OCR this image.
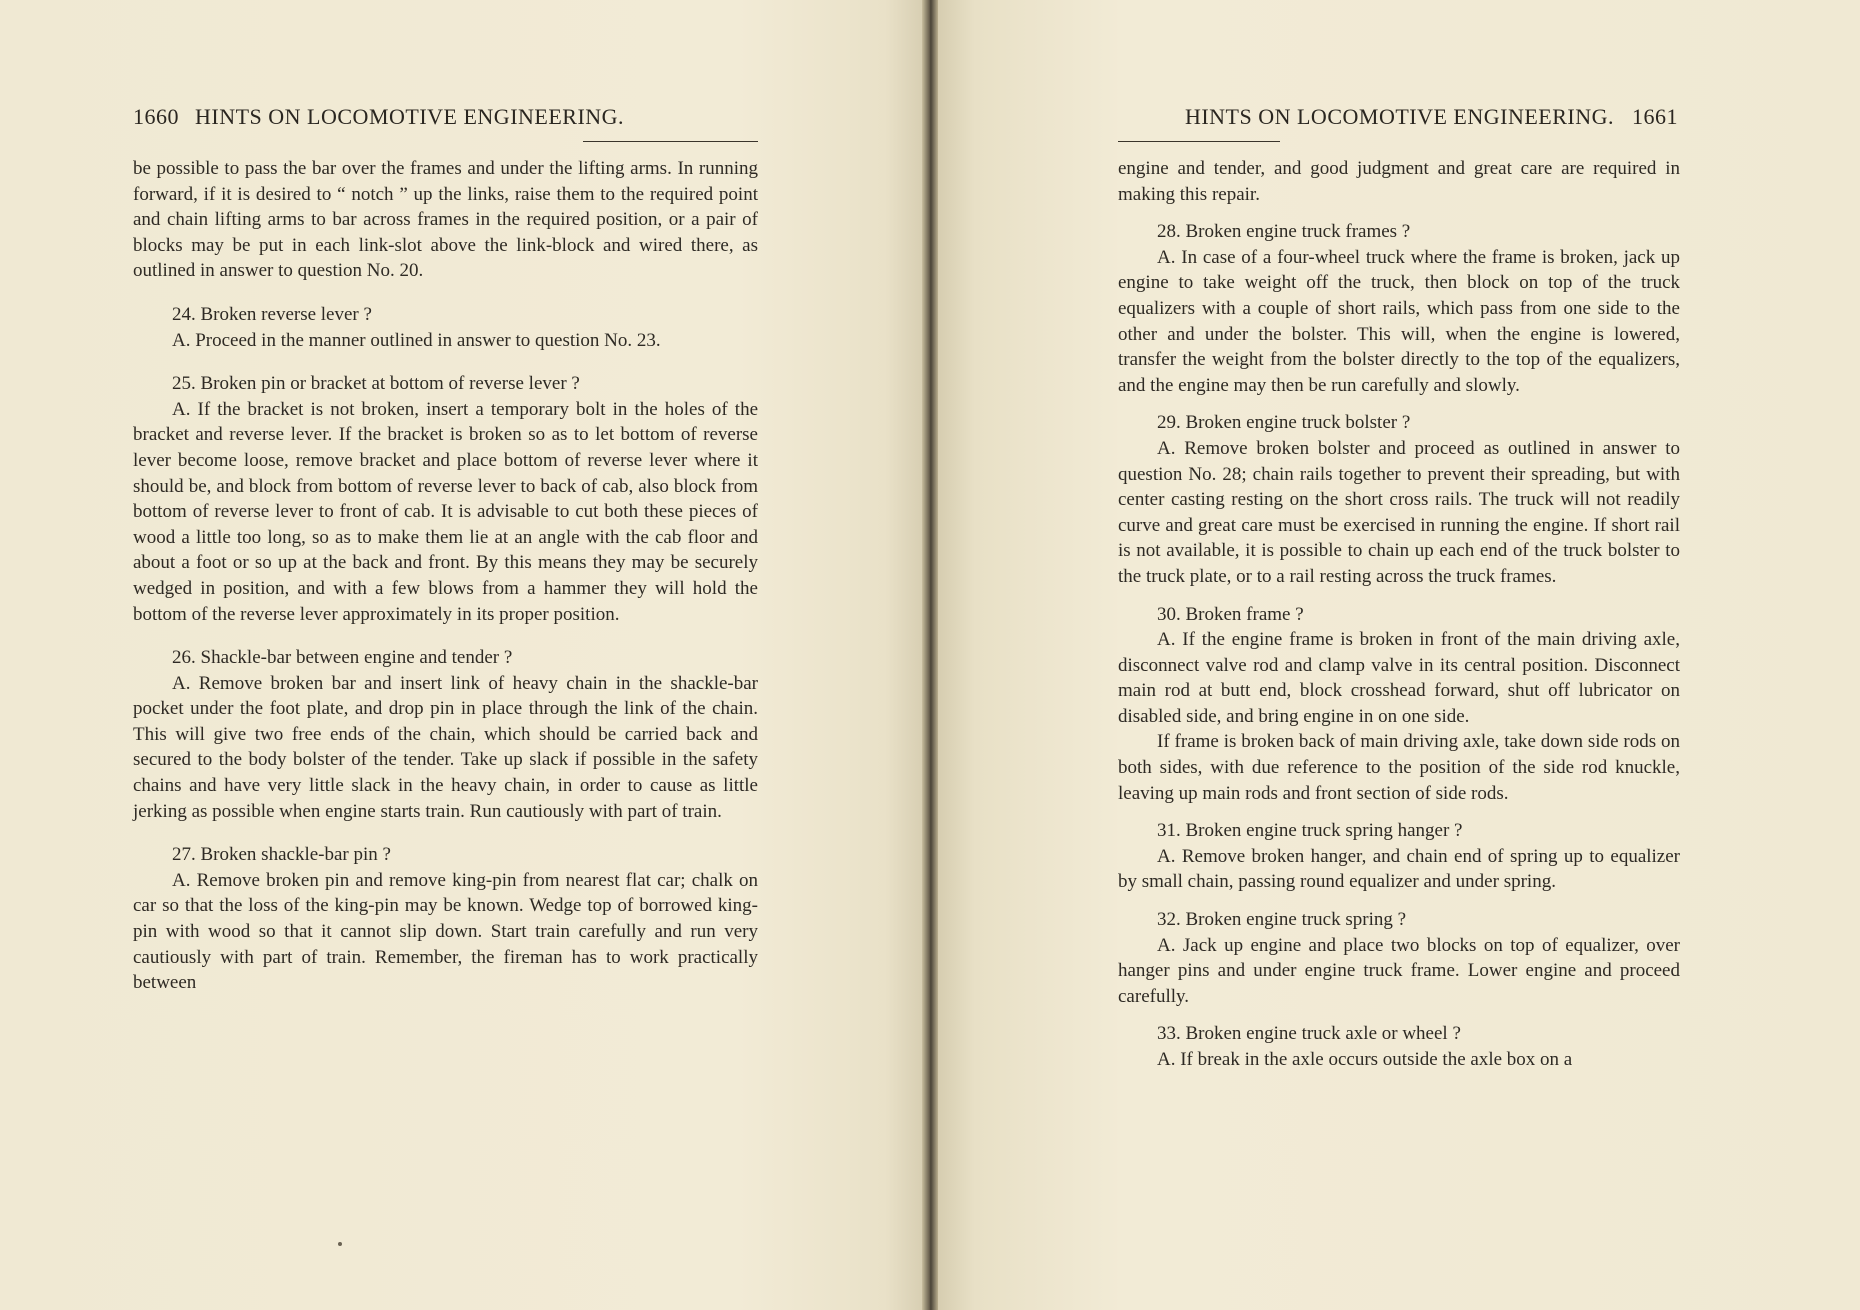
1660 HINTS ON LOCOMOTIVE ENGINEERING.

be possible to pass the bar over the frames and under the lifting arms. In running forward, if it is desired to “ notch ” up the links, raise them to the required point and chain lifting arms to bar across frames in the required position, or a pair of blocks may be put in each link-slot above the link-block and wired there, as outlined in answer to question No. 20.

24. Broken reverse lever ?

A. Proceed in the manner outlined in answer to question No. 23.

25. Broken pin or bracket at bottom of reverse lever ?

A. If the bracket is not broken, insert a temporary bolt in the holes of the bracket and reverse lever. If the bracket is broken so as to let bottom of reverse lever become loose, remove bracket and place bottom of reverse lever where it should be, and block from bottom of reverse lever to back of cab, also block from bottom of reverse lever to front of cab. It is advisable to cut both these pieces of wood a little too long, so as to make them lie at an angle with the cab floor and about a foot or so up at the back and front. By this means they may be securely wedged in position, and with a few blows from a hammer they will hold the bottom of the reverse lever approximately in its proper position.

26. Shackle-bar between engine and tender ?

A. Remove broken bar and insert link of heavy chain in the shackle-bar pocket under the foot plate, and drop pin in place through the link of the chain. This will give two free ends of the chain, which should be carried back and secured to the body bolster of the tender. Take up slack if possible in the safety chains and have very little slack in the heavy chain, in order to cause as little jerking as possible when engine starts train. Run cautiously with part of train.

27. Broken shackle-bar pin ?

A. Remove broken pin and remove king-pin from nearest flat car; chalk on car so that the loss of the king-pin may be known. Wedge top of borrowed king-pin with wood so that it cannot slip down. Start train carefully and run very cautiously with part of train. Remember, the fireman has to work practically between

HINTS ON LOCOMOTIVE ENGINEERING. 1661

engine and tender, and good judgment and great care are required in making this repair.

28. Broken engine truck frames ?

A. In case of a four-wheel truck where the frame is broken, jack up engine to take weight off the truck, then block on top of the truck equalizers with a couple of short rails, which pass from one side to the other and under the bolster. This will, when the engine is lowered, transfer the weight from the bolster directly to the top of the equalizers, and the engine may then be run carefully and slowly.

29. Broken engine truck bolster ?

A. Remove broken bolster and proceed as outlined in answer to question No. 28; chain rails together to prevent their spreading, but with center casting resting on the short cross rails. The truck will not readily curve and great care must be exercised in running the engine. If short rail is not available, it is possible to chain up each end of the truck bolster to the truck plate, or to a rail resting across the truck frames.

30. Broken frame ?

A. If the engine frame is broken in front of the main driving axle, disconnect valve rod and clamp valve in its central position. Disconnect main rod at butt end, block crosshead forward, shut off lubricator on disabled side, and bring engine in on one side.

If frame is broken back of main driving axle, take down side rods on both sides, with due reference to the position of the side rod knuckle, leaving up main rods and front section of side rods.

31. Broken engine truck spring hanger ?

A. Remove broken hanger, and chain end of spring up to equalizer by small chain, passing round equalizer and under spring.

32. Broken engine truck spring ?

A. Jack up engine and place two blocks on top of equalizer, over hanger pins and under engine truck frame. Lower engine and proceed carefully.

33. Broken engine truck axle or wheel ?

A. If break in the axle occurs outside the axle box on a
